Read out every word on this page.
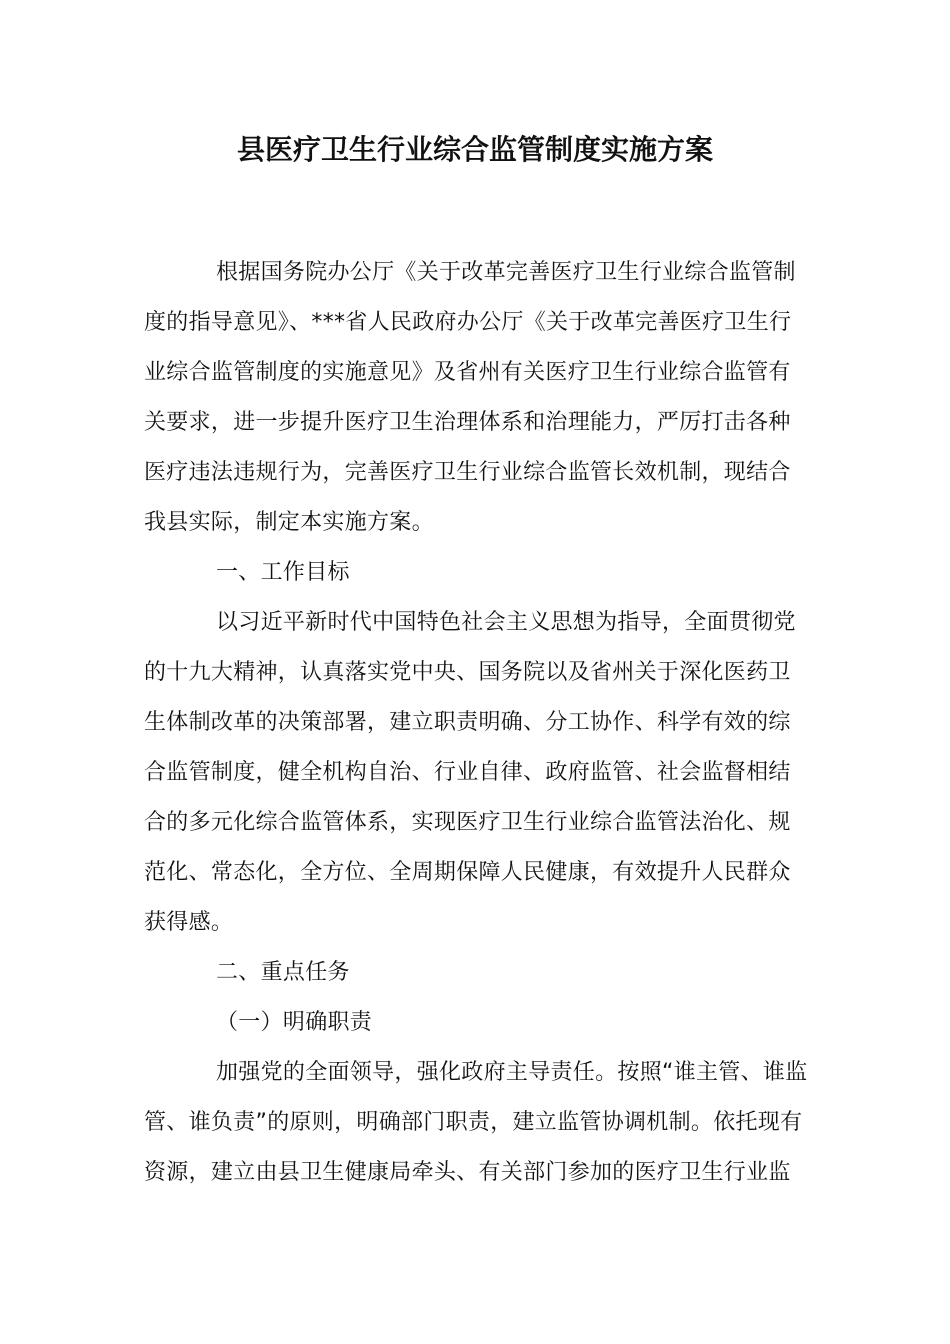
县医疗卫生行业综合监管制度实施方案
根据国务院办公厅《关于改革完善医疗卫生行业综合监管制
度的指导意见》、***省人民政府办公厅《关于改革完善医疗卫生行
业综合监管制度的实施意见》及省州有关医疗卫生行业综合监管有
关要求，进一步提升医疗卫生治理体系和治理能力，严厉打击各种
医疗违法违规行为，完善医疗卫生行业综合监管长效机制，现结合
我县实际，制定本实施方案。
一、工作目标
以习近平新时代中国特色社会主义思想为指导，全面贯彻党
的十九大精神，认真落实党中央、国务院以及省州关于深化医药卫
生体制改革的决策部署，建立职责明确、分工协作、科学有效的综
合监管制度，健全机构自治、行业自律、政府监管、社会监督相结
合的多元化综合监管体系，实现医疗卫生行业综合监管法治化、规
范化、常态化，全方位、全周期保障人民健康，有效提升人民群众
获得感。
二、重点任务
（一）明确职责
加强党的全面领导，强化政府主导责任。按照“谁主管、谁监
管、谁负责”的原则，明确部门职责，建立监管协调机制。依托现有
资源，建立由县卫生健康局牵头、有关部门参加的医疗卫生行业监
